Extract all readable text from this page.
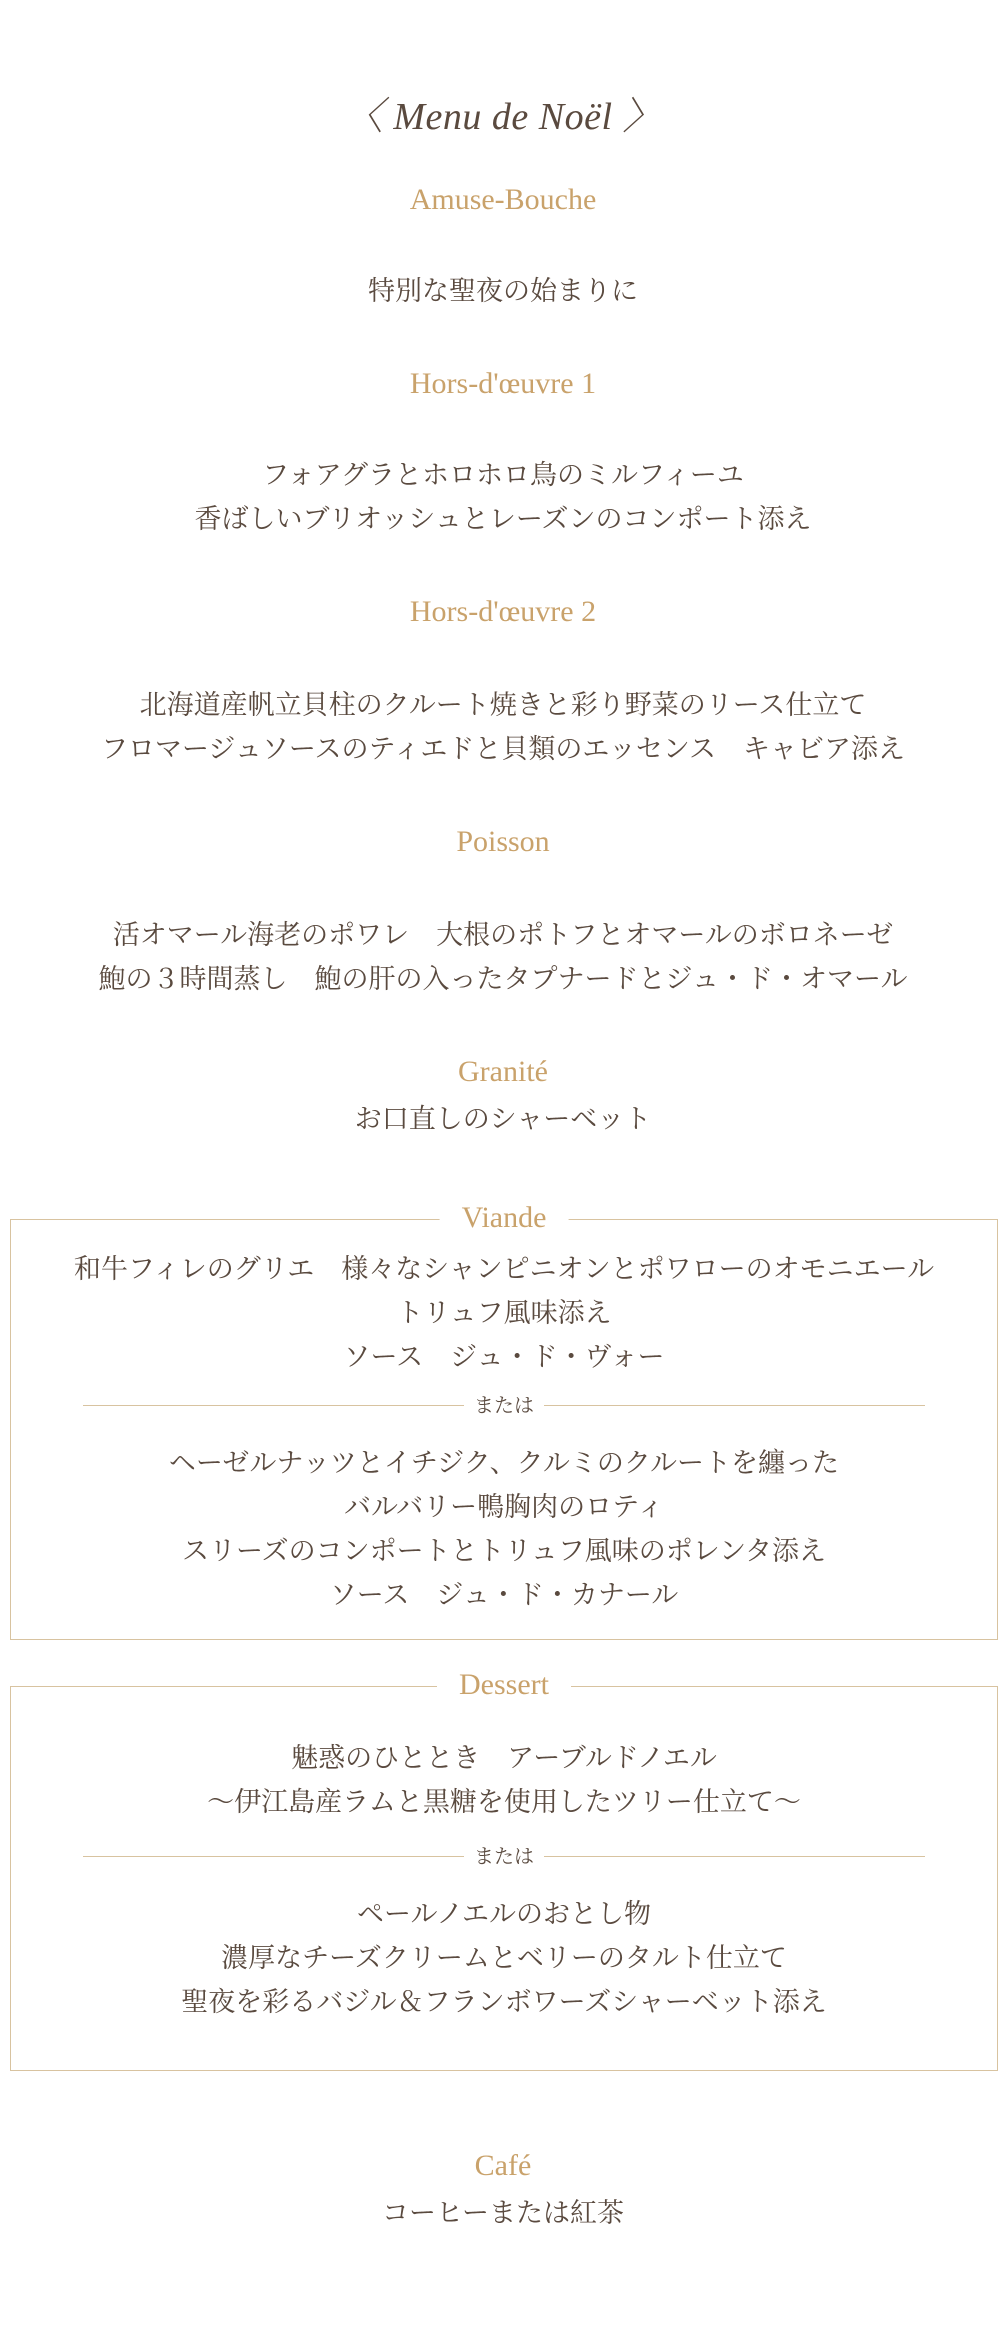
〈 Menu de Noël 〉
Amuse-Bouche
特別な聖夜の始まりに
Hors-d'œuvre 1
フォアグラとホロホロ鳥のミルフィーユ
香ばしいブリオッシュとレーズンのコンポート添え
Hors-d'œuvre 2
北海道産帆立貝柱のクルート焼きと彩り野菜のリース仕立て
フロマージュソースのティエドと貝類のエッセンス　キャビア添え
Poisson
活オマール海老のポワレ　大根のポトフとオマールのボロネーゼ
鮑の３時間蒸し　鮑の肝の入ったタプナードとジュ・ド・オマール
Granité
お口直しのシャーベット
Viande
和牛フィレのグリエ　様々なシャンピニオンとポワローのオモニエール
トリュフ風味添え
ソース　ジュ・ド・ヴォー
または
ヘーゼルナッツとイチジク、クルミのクルートを纏った
バルバリー鴨胸肉のロティ
スリーズのコンポートとトリュフ風味のポレンタ添え
ソース　ジュ・ド・カナール
Dessert
魅惑のひととき　アーブルドノエル
～伊江島産ラムと黒糖を使用したツリー仕立て～
または
ペールノエルのおとし物
濃厚なチーズクリームとベリーのタルト仕立て
聖夜を彩るバジル＆フランボワーズシャーベット添え
Café
コーヒーまたは紅茶
